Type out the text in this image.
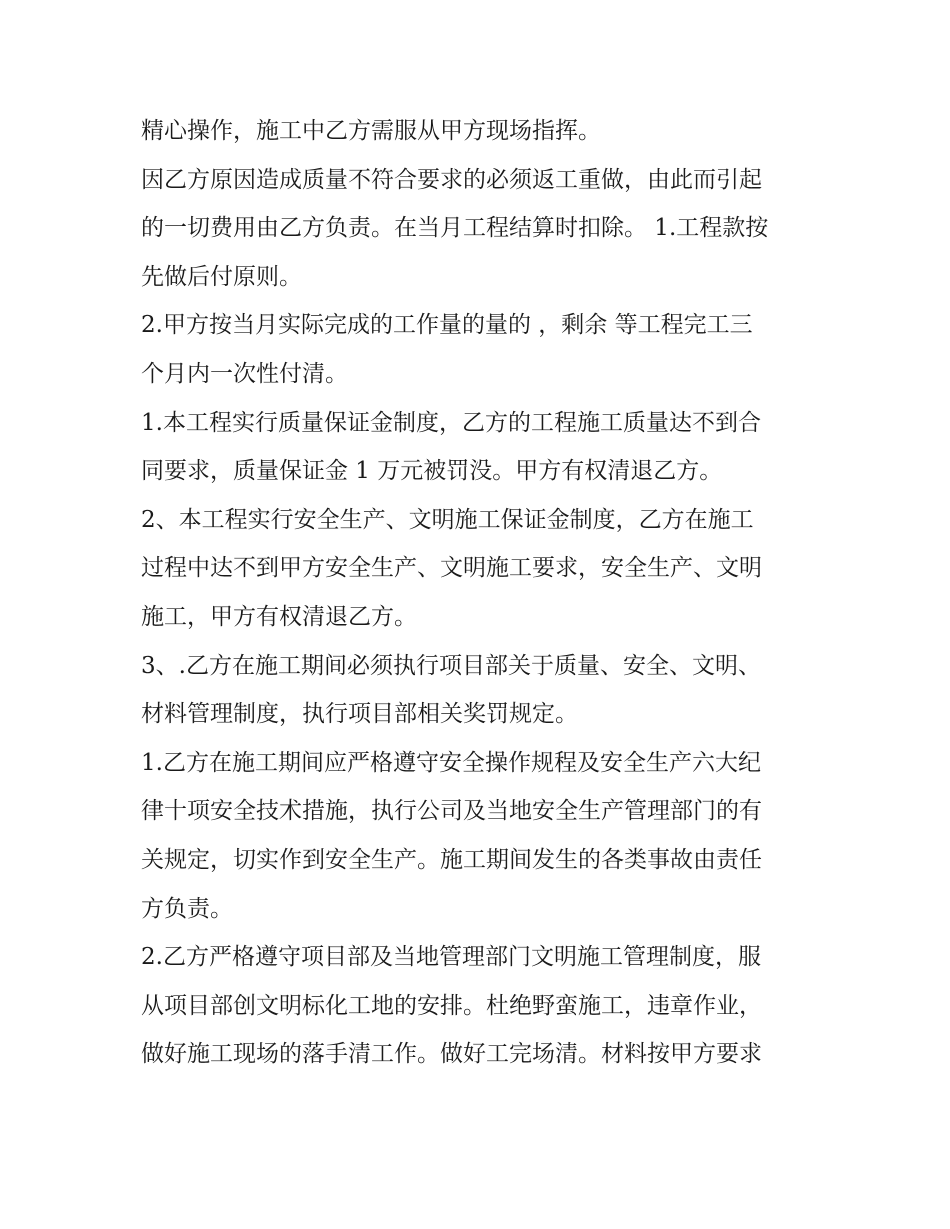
精心操作，施工中乙方需服从甲方现场指挥。
因乙方原因造成质量不符合要求的必须返工重做，由此而引起
的一切费用由乙方负责。在当月工程结算时扣除。 1.工程款按
先做后付原则。
2.甲方按当月实际完成的工作量的量的 ，剩余 等工程完工三
个月内一次性付清。
1.本工程实行质量保证金制度，乙方的工程施工质量达不到合
同要求，质量保证金 1 万元被罚没。甲方有权清退乙方。
2、本工程实行安全生产、文明施工保证金制度，乙方在施工
过程中达不到甲方安全生产、文明施工要求，安全生产、文明
施工，甲方有权清退乙方。
3、.乙方在施工期间必须执行项目部关于质量、安全、文明、
材料管理制度，执行项目部相关奖罚规定。
1.乙方在施工期间应严格遵守安全操作规程及安全生产六大纪
律十项安全技术措施，执行公司及当地安全生产管理部门的有
关规定，切实作到安全生产。施工期间发生的各类事故由责任
方负责。
2.乙方严格遵守项目部及当地管理部门文明施工管理制度，服
从项目部创文明标化工地的安排。杜绝野蛮施工，违章作业，
做好施工现场的落手清工作。做好工完场清。材料按甲方要求
